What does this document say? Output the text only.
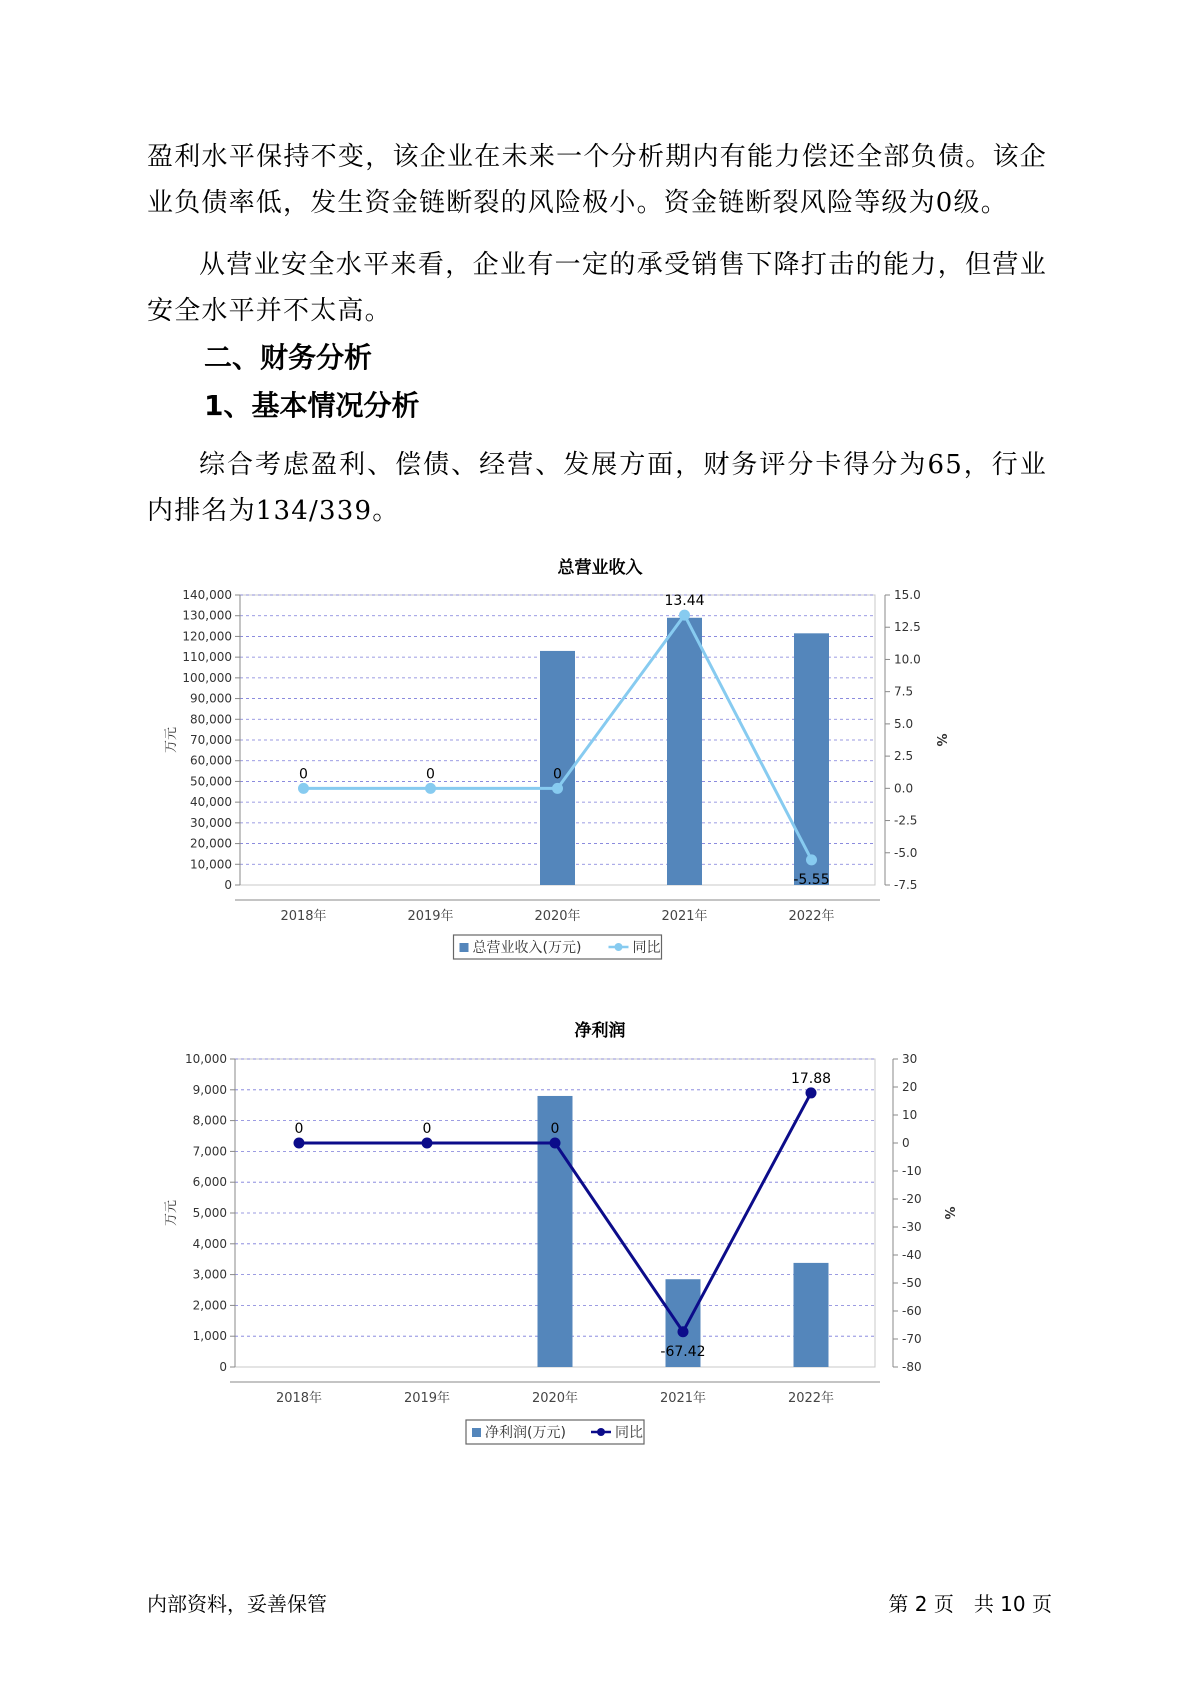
盈利水平保持不变，该企业在未来一个分析期内有能力偿还全部负债。该企业负债率低，发生资金链断裂的风险极小。资金链断裂风险等级为0级。
从营业安全水平来看，企业有一定的承受销售下降打击的能力，但营业安全水平并不太高。
二、财务分析
1、基本情况分析
综合考虑盈利、偿债、经营、发展方面，财务评分卡得分为65，行业内排名为134/339。
总营业收入
0
10,000
20,000
30,000
40,000
50,000
60,000
70,000
80,000
90,000
100,000
110,000
120,000
130,000
140,000
-7.5
-5.0
-2.5
0.0
2.5
5.0
7.5
10.0
12.5
15.0
万元	%
2018年	2019年	2020年	2021年	2022年
0	0	0
13.44
-5.55
总营业收入(万元)	同比
净利润
0
1,000
2,000
3,000
4,000
5,000
6,000
7,000
8,000
9,000
10,000
-80
-70
-60
-50
-40
-30
-20
-10
0
10
20
30
万元	%
2018年	2019年	2020年	2021年	2022年
0	0	0
-67.42
17.88
净利润(万元)	同比
内部资料，妥善保管	第 2 页　共 10 页
